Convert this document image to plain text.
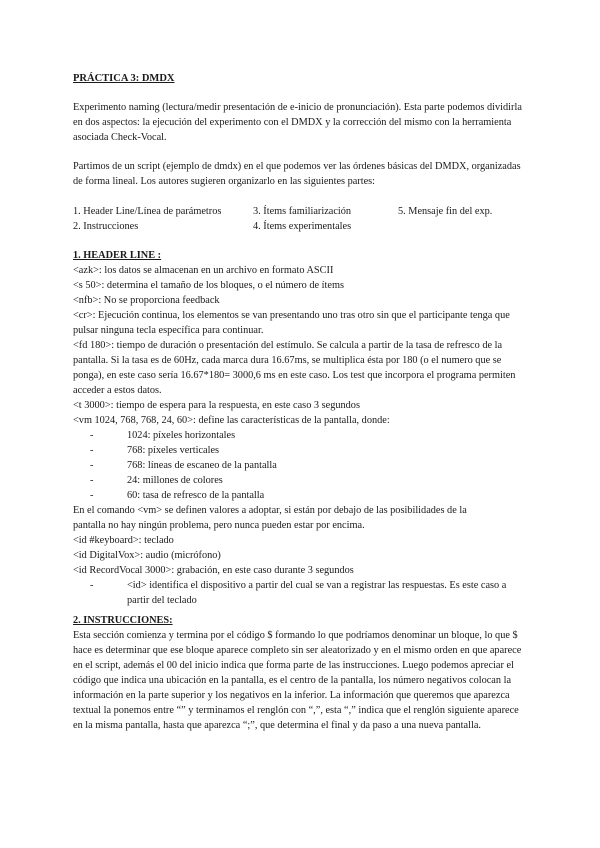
PRÁCTICA 3: DMDX

Experimento naming (lectura/medir presentación de e-inicio de pronunciación). Esta parte podemos dividirla en dos aspectos: la ejecución del experimento con el DMDX y la corrección del mismo con la herramienta asociada Check-Vocal.

Partimos de un script (ejemplo de dmdx) en el que podemos ver las órdenes básicas del DMDX, organizadas de forma lineal. Los autores sugieren organizarlo en las siguientes partes:

1. Header Line/Línea de parámetros	3. Ítems familiarización	5. Mensaje fin del exp.
2. Instrucciones	4. Ítems experimentales

1. HEADER LINE :

<azk>: los datos se almacenan en un archivo en formato ASCII

<s 50>: determina el tamaño de los bloques, o el número de ítems

<nfb>: No se proporciona feedback

<cr>: Ejecución continua, los elementos se van presentando uno tras otro sin que el participante tenga que pulsar ninguna tecla específica para continuar.

<fd 180>: tiempo de duración o presentación del estímulo. Se calcula a partir de la tasa de refresco de la pantalla. Si la tasa es de 60Hz, cada marca dura 16.67ms, se multiplica ésta por 180 (o el numero que se ponga), en este caso sería 16.67*180= 3000,6 ms en este caso. Los test que incorpora el programa permiten acceder a estos datos.

<t 3000>: tiempo de espera para la respuesta, en este caso 3 segundos

<vm 1024, 768, 768, 24, 60>: define las características de la pantalla, donde:

- 1024: píxeles horizontales
- 768: píxeles verticales
- 768: líneas de escaneo de la pantalla
- 24: millones de colores
- 60: tasa de refresco de la pantalla

En el comando <vm> se definen valores a adoptar, si están por debajo de las posibilidades de la pantalla no hay ningún problema, pero nunca pueden estar por encima.

<id #keyboard>: teclado

<id DigitalVox>: audio (micrófono)

<id RecordVocal 3000>: grabación, en este caso durante 3 segundos

- <id> identifica el dispositivo a partir del cual se van a registrar las respuestas. Es este caso a partir del teclado

2. INSTRUCCIONES:

Esta sección comienza y termina por el código $ formando lo que podríamos denominar un bloque, lo que $ hace es determinar que ese bloque aparece completo sin ser aleatorizado y en el mismo orden en que aparece en el script, además el 00 del inicio indica que forma parte de las instrucciones. Luego podemos apreciar el código que indica una ubicación en la pantalla, es el centro de la pantalla, los número negativos colocan la información en la parte superior y los negativos en la inferior. La información que queremos que aparezca textual la ponemos entre “” y terminamos el renglón con “,”, esta “,” indica que el renglón siguiente aparece en la misma pantalla, hasta que aparezca “;”, que determina el final y da paso a una nueva pantalla.
